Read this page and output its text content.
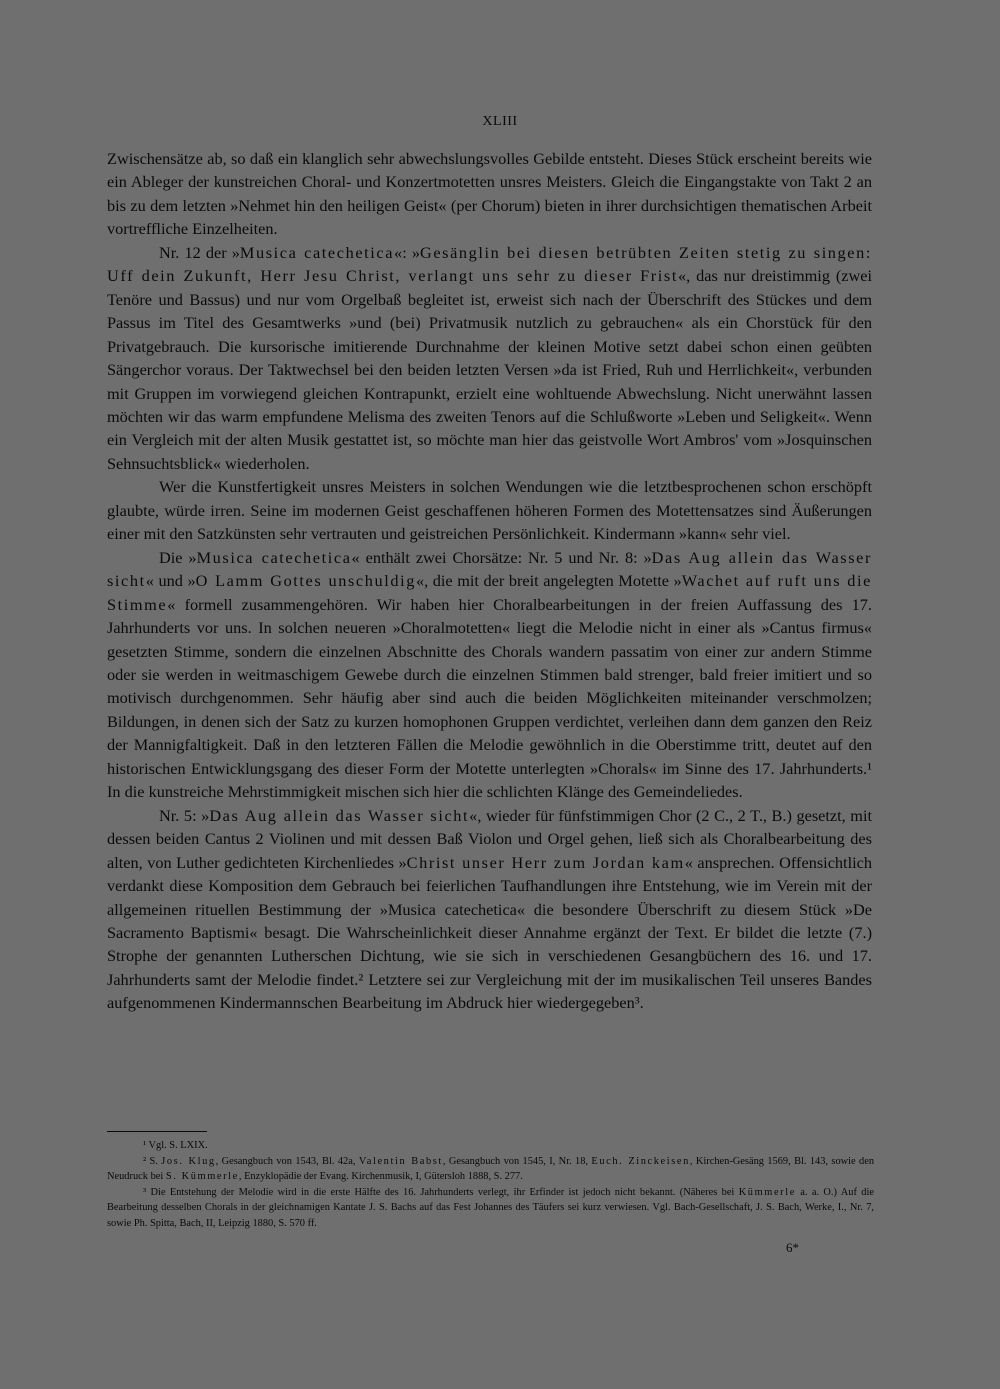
XLIII

Zwischensätze ab, so daß ein klanglich sehr abwechslungsvolles Gebilde entsteht. Dieses Stück erscheint bereits wie ein Ableger der kunstreichen Choral- und Konzertmotetten unsres Meisters. Gleich die Eingangstakte von Takt 2 an bis zu dem letzten »Nehmet hin den heiligen Geist« (per Chorum) bieten in ihrer durchsichtigen thematischen Arbeit vortreffliche Einzelheiten.

Nr. 12 der »Musica catechetica«: »Gesänglin bei diesen betrübten Zeiten stetig zu singen: Uff dein Zukunft, Herr Jesu Christ, verlangt uns sehr zu dieser Frist«, das nur dreistimmig (zwei Tenöre und Bassus) und nur vom Orgelbaß begleitet ist, erweist sich nach der Überschrift des Stückes und dem Passus im Titel des Gesamtwerks »und (bei) Privatmusik nutzlich zu gebrauchen« als ein Chorstück für den Privatgebrauch. Die kursorische imitierende Durchnahme der kleinen Motive setzt dabei schon einen geübten Sängerchor voraus. Der Taktwechsel bei den beiden letzten Versen »da ist Fried, Ruh und Herrlichkeit«, verbunden mit Gruppen im vorwiegend gleichen Kontrapunkt, erzielt eine wohltuende Abwechslung. Nicht unerwähnt lassen möchten wir das warm empfundene Melisma des zweiten Tenors auf die Schlußworte »Leben und Seligkeit«. Wenn ein Vergleich mit der alten Musik gestattet ist, so möchte man hier das geistvolle Wort Ambros' vom »Josquinschen Sehnsuchtsblick« wiederholen.

Wer die Kunstfertigkeit unsres Meisters in solchen Wendungen wie die letztbesprochenen schon erschöpft glaubte, würde irren. Seine im modernen Geist geschaffenen höheren Formen des Motettensatzes sind Äußerungen einer mit den Satzkünsten sehr vertrauten und geistreichen Persönlichkeit. Kindermann »kann« sehr viel.

Die »Musica catechetica« enthält zwei Chorsätze: Nr. 5 und Nr. 8: »Das Aug allein das Wasser sicht« und »O Lamm Gottes unschuldig«, die mit der breit angelegten Motette »Wachet auf ruft uns die Stimme« formell zusammengehören. Wir haben hier Choralbearbeitungen in der freien Auffassung des 17. Jahrhunderts vor uns. In solchen neueren »Choralmotetten« liegt die Melodie nicht in einer als »Cantus firmus« gesetzten Stimme, sondern die einzelnen Abschnitte des Chorals wandern passatim von einer zur andern Stimme oder sie werden in weitmaschigem Gewebe durch die einzelnen Stimmen bald strenger, bald freier imitiert und so motivisch durchgenommen. Sehr häufig aber sind auch die beiden Möglichkeiten miteinander verschmolzen; Bildungen, in denen sich der Satz zu kurzen homophonen Gruppen verdichtet, verleihen dann dem ganzen den Reiz der Mannigfaltigkeit. Daß in den letzteren Fällen die Melodie gewöhnlich in die Oberstimme tritt, deutet auf den historischen Entwicklungsgang des dieser Form der Motette unterlegten »Chorals« im Sinne des 17. Jahrhunderts.¹ In die kunstreiche Mehrstimmigkeit mischen sich hier die schlichten Klänge des Gemeindeliedes.

Nr. 5: »Das Aug allein das Wasser sicht«, wieder für fünfstimmigen Chor (2 C., 2 T., B.) gesetzt, mit dessen beiden Cantus 2 Violinen und mit dessen Baß Violon und Orgel gehen, ließ sich als Choralbearbeitung des alten, von Luther gedichteten Kirchenliedes »Christ unser Herr zum Jordan kam« ansprechen. Offensichtlich verdankt diese Komposition dem Gebrauch bei feierlichen Taufhandlungen ihre Entstehung, wie im Verein mit der allgemeinen rituellen Bestimmung der »Musica catechetica« die besondere Überschrift zu diesem Stück »De Sacramento Baptismi« besagt. Die Wahrscheinlichkeit dieser Annahme ergänzt der Text. Er bildet die letzte (7.) Strophe der genannten Lutherschen Dichtung, wie sie sich in verschiedenen Gesangbüchern des 16. und 17. Jahrhunderts samt der Melodie findet.² Letztere sei zur Vergleichung mit der im musikalischen Teil unseres Bandes aufgenommenen Kindermannschen Bearbeitung im Abdruck hier wiedergegeben³.

¹ Vgl. S. LXIX.

² S. Jos. Klug, Gesangbuch von 1543, Bl. 42a, Valentin Babst, Gesangbuch von 1545, I, Nr. 18, Euch. Zinckeisen, Kirchen-Gesäng 1569, Bl. 143, sowie den Neudruck bei S. Kümmerle, Enzyklopädie der Evang. Kirchenmusik, I, Gütersloh 1888, S. 277.

³ Die Entstehung der Melodie wird in die erste Hälfte des 16. Jahrhunderts verlegt, ihr Erfinder ist jedoch nicht bekannt. (Näheres bei Kümmerle a. a. O.) Auf die Bearbeitung desselben Chorals in der gleichnamigen Kantate J. S. Bachs auf das Fest Johannes des Täufers sei kurz verwiesen. Vgl. Bach-Gesellschaft, J. S. Bach, Werke, I., Nr. 7, sowie Ph. Spitta, Bach, II, Leipzig 1880, S. 570 ff.

6*
